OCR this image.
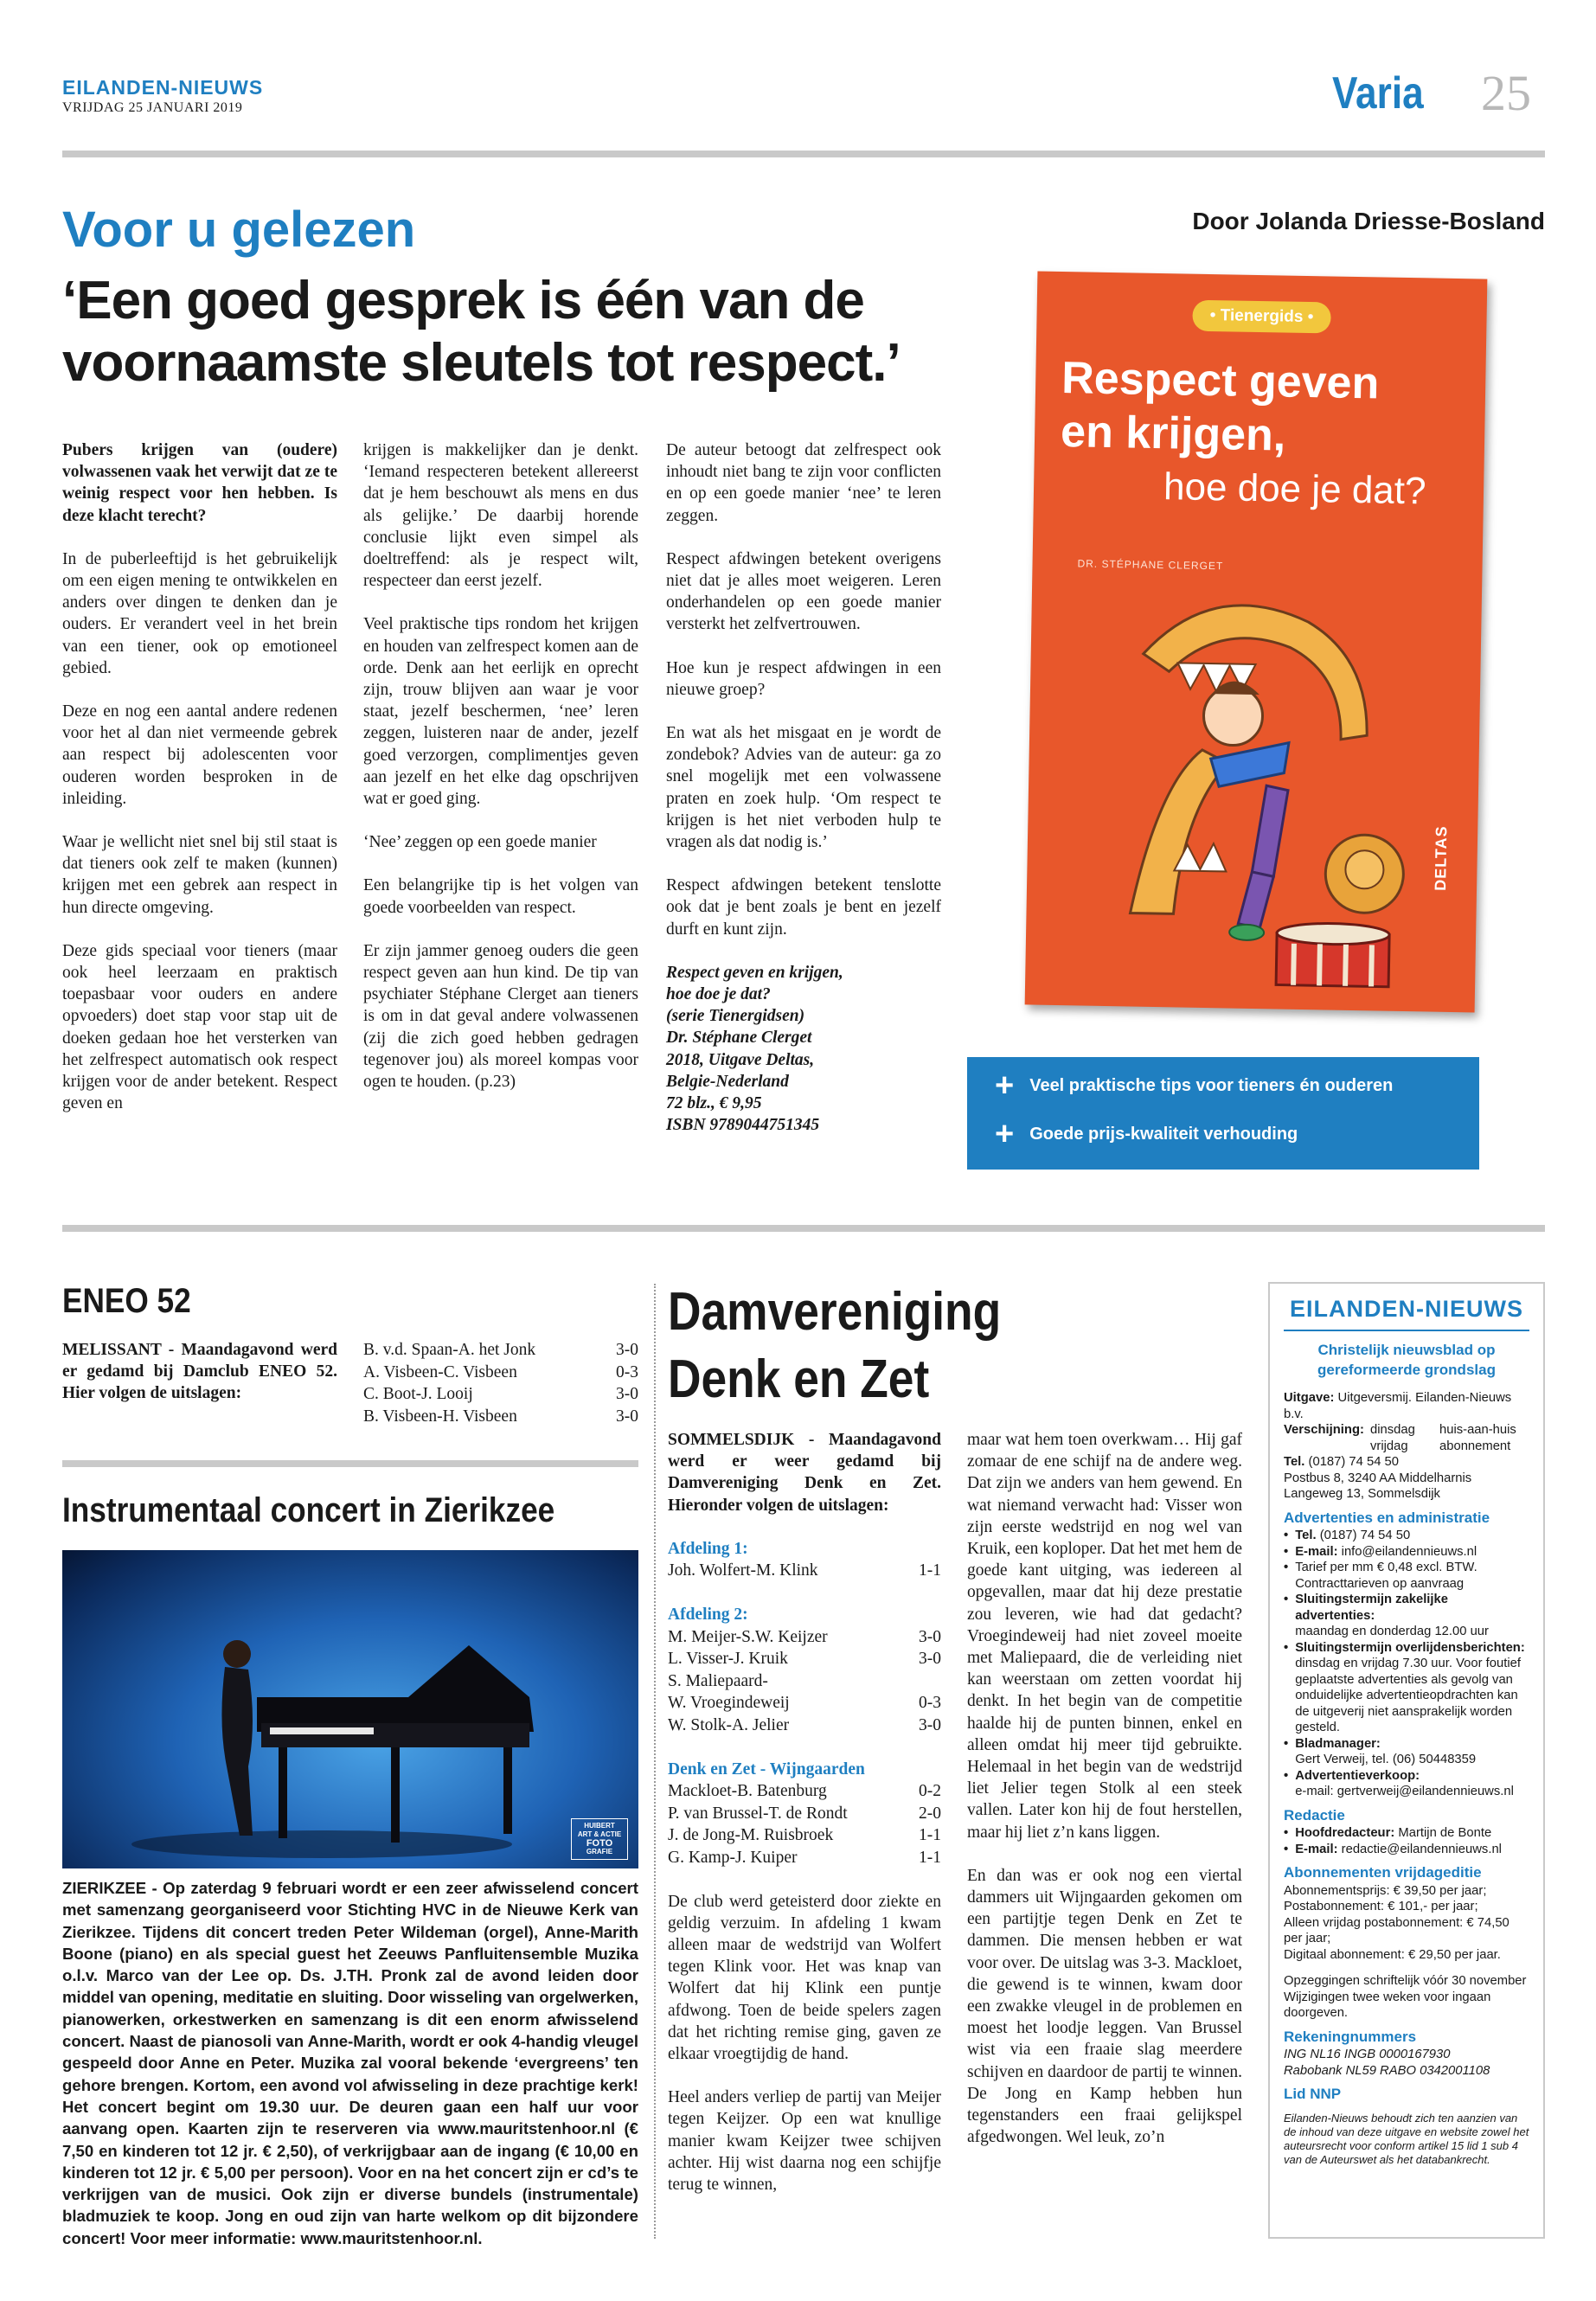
EILANDEN-NIEUWS
VRIJDAG 25 JANUARI 2019	Varia 25
Voor u gelezen	Door Jolanda Driesse-Bosland
‘Een goed gesprek is één van de voornaamste sleutels tot respect.’

Pubers krijgen van (oudere) volwassenen vaak het verwijt dat ze te weinig respect voor hen hebben. Is deze klacht terecht?

In de puberleeftijd is het gebruikelijk om een eigen mening te ontwikkelen en anders over dingen te denken dan je ouders. Er verandert veel in het brein van een tiener, ook op emotioneel gebied.

Deze en nog een aantal andere redenen voor het al dan niet vermeende gebrek aan respect bij adolescenten voor ouderen worden besproken in de inleiding.

Waar je wellicht niet snel bij stil staat is dat tieners ook zelf te maken (kunnen) krijgen met een gebrek aan respect in hun directe omgeving.

Deze gids speciaal voor tieners (maar ook heel leerzaam en praktisch toepasbaar voor ouders en andere opvoeders) doet stap voor stap uit de doeken gedaan hoe het versterken van het zelfrespect automatisch ook respect krijgen voor de ander betekent. Respect geven en

krijgen is makkelijker dan je denkt. ‘Iemand respecteren betekent allereerst dat je hem beschouwt als mens en dus als gelijke.’ De daarbij horende conclusie lijkt even simpel als doeltreffend: als je respect wilt, respecteer dan eerst jezelf.

Veel praktische tips rondom het krijgen en houden van zelfrespect komen aan de orde. Denk aan het eerlijk en oprecht zijn, trouw blijven aan waar je voor staat, jezelf beschermen, ‘nee’ leren zeggen, luisteren naar de ander, jezelf goed verzorgen, complimentjes geven aan jezelf en het elke dag opschrijven wat er goed ging.

‘Nee’ zeggen op een goede manier

Een belangrijke tip is het volgen van goede voorbeelden van respect.

Er zijn jammer genoeg ouders die geen respect geven aan hun kind. De tip van psychiater Stéphane Clerget aan tieners is om in dat geval andere volwassenen (zij die zich goed hebben gedragen tegenover jou) als moreel kompas voor ogen te houden. (p.23)

De auteur betoogt dat zelfrespect ook inhoudt niet bang te zijn voor conflicten en op een goede manier ‘nee’ te leren zeggen.

Respect afdwingen betekent overigens niet dat je alles moet weigeren. Leren onderhandelen op een goede manier versterkt het zelfvertrouwen.

Hoe kun je respect afdwingen in een nieuwe groep?

En wat als het misgaat en je wordt de zondebok? Advies van de auteur: ga zo snel mogelijk met een volwassene praten en zoek hulp. ‘Om respect te krijgen is het niet verboden hulp te vragen als dat nodig is.’

Respect afdwingen betekent tenslotte ook dat je bent zoals je bent en jezelf durft en kunt zijn.

Respect geven en krijgen,
hoe doe je dat?
(serie Tienergidsen)
Dr. Stéphane Clerget
2018, Uitgave Deltas,
Belgie-Nederland
72 blz., € 9,95
ISBN 9789044751345
• Tienergids •
Respect geven
en krijgen,
hoe doe je dat?
DR. STÉPHANE CLERGET
DELTAS
+ Veel praktische tips voor tieners én ouderen
+ Goede prijs-kwaliteit verhouding
ENEO 52
MELISSANT - Maandagavond werd er gedamd bij Damclub ENEO 52. Hier volgen de uitslagen:
B. v.d. Spaan-A. het Jonk	3-0
A. Visbeen-C. Visbeen	0-3
C. Boot-J. Looij	3-0
B. Visbeen-H. Visbeen	3-0
Instrumentaal concert in Zierikzee
HUIBERT
ART & ACTIE
FOTO
GRAFIE
ZIERIKZEE - Op zaterdag 9 februari wordt er een zeer afwisselend concert met samenzang georganiseerd voor Stichting HVC in de Nieuwe Kerk van Zierikzee. Tijdens dit concert treden Peter Wildeman (orgel), Anne-Marith Boone (piano) en als special guest het Zeeuws Panfluitensemble Muzika o.l.v. Marco van der Lee op. Ds. J.TH. Pronk zal de avond leiden door middel van opening, meditatie en sluiting. Door wisseling van orgelwerken, pianowerken, orkestwerken en samenzang is dit een enorm afwisselend concert. Naast de pianosoli van Anne-Marith, wordt er ook 4-handig vleugel gespeeld door Anne en Peter. Muzika zal vooral bekende ‘evergreens’ ten gehore brengen. Kortom, een avond vol afwisseling in deze prachtige kerk! Het concert begint om 19.30 uur. De deuren gaan een half uur voor aanvang open. Kaarten zijn te reserveren via www.mauritstenhoor.nl (€ 7,50 en kinderen tot 12 jr. € 2,50), of verkrijgbaar aan de ingang (€ 10,00 en kinderen tot 12 jr. € 5,00 per persoon). Voor en na het concert zijn er cd’s te verkrijgen van de musici. Ook zijn er diverse bundels (instrumentale) bladmuziek te koop. Jong en oud zijn van harte welkom op dit bijzondere concert! Voor meer informatie: www.mauritstenhoor.nl.
Damvereniging
Denk en Zet
SOMMELSDIJK - Maandagavond werd er weer gedamd bij Damvereniging Denk en Zet. Hieronder volgen de uitslagen:
Afdeling 1:
Joh. Wolfert-M. Klink	1-1
Afdeling 2:
M. Meijer-S.W. Keijzer	3-0
L. Visser-J. Kruik	3-0
S. Maliepaard-
W. Vroegindeweij	0-3
W. Stolk-A. Jelier	3-0
Denk en Zet - Wijngaarden
Mackloet-B. Batenburg	0-2
P. van Brussel-T. de Rondt	2-0
J. de Jong-M. Ruisbroek	1-1
G. Kamp-J. Kuiper	1-1

De club werd geteisterd door ziekte en geldig verzuim. In afdeling 1 kwam alleen maar de wedstrijd van Wolfert tegen Klink voor. Het was knap van Wolfert dat hij Klink een puntje afdwong. Toen de beide spelers zagen dat het richting remise ging, gaven ze elkaar vroegtijdig de hand.

Heel anders verliep de partij van Meijer tegen Keijzer. Op een wat knullige manier kwam Keijzer twee schijven achter. Hij wist daarna nog een schijfje terug te winnen,

maar wat hem toen overkwam… Hij gaf zomaar de ene schijf na de andere weg. Dat zijn we anders van hem gewend. En wat niemand verwacht had: Visser won zijn eerste wedstrijd en nog wel van Kruik, een koploper. Dat het met hem de goede kant uitging, was iedereen al opgevallen, maar dat hij deze prestatie zou leveren, wie had dat gedacht? Vroegindeweij had niet zoveel moeite met Maliepaard, die de verleiding niet kan weerstaan om zetten voordat hij denkt. In het begin van de competitie haalde hij de punten binnen, enkel en alleen omdat hij meer tijd gebruikte. Helemaal in het begin van de wedstrijd liet Jelier tegen Stolk al een steek vallen. Later kon hij de fout herstellen, maar hij liet z’n kans liggen.

En dan was er ook nog een viertal dammers uit Wijngaarden gekomen om een partijtje tegen Denk en Zet te dammen. Die mensen hebben er wat voor over. De uitslag was 3-3. Mackloet, die gewend is te winnen, kwam door een zwakke vleugel in de problemen en moest het loodje leggen. Van Brussel wist via een fraaie slag meerdere schijven en daardoor de partij te winnen. De Jong en Kamp hebben hun tegenstanders een fraai gelijkspel afgedwongen. Wel leuk, zo’n

EILANDEN-NIEUWS
Christelijk nieuwsblad op
gereformeerde grondslag
Uitgave: Uitgeversmij. Eilanden-Nieuws b.v.
Verschijning: dinsdag	huis-aan-huis
vrijdag	abonnement
Tel. (0187) 74 54 50
Postbus 8, 3240 AA Middelharnis
Langeweg 13, Sommelsdijk
Advertenties en administratie
• Tel. (0187) 74 54 50
• E-mail: info@eilandennieuws.nl
• Tarief per mm € 0,48 excl. BTW. Contracttarieven op aanvraag
• Sluitingstermijn zakelijke advertenties:
maandag en donderdag 12.00 uur
• Sluitingstermijn overlijdensberichten:
dinsdag en vrijdag 7.30 uur. Voor foutief geplaatste advertenties als gevolg van onduidelijke advertentieopdrachten kan de uitgeverij niet aansprakelijk worden gesteld.
• Bladmanager:
Gert Verweij, tel. (06) 50448359
• Advertentieverkoop:
e-mail: gertverweij@eilandennieuws.nl
Redactie
• Hoofdredacteur: Martijn de Bonte
• E-mail: redactie@eilandennieuws.nl
Abonnementen vrijdageditie
Abonnementsprijs: € 39,50 per jaar;
Postabonnement: € 101,- per jaar;
Alleen vrijdag postabonnement: € 74,50 per jaar;
Digitaal abonnement: € 29,50 per jaar.
Opzeggingen schriftelijk vóór 30 november Wijzigingen twee weken voor ingaan doorgeven.
Rekeningnummers
ING NL16 INGB 0000167930
Rabobank NL59 RABO 0342001108
Lid NNP
Eilanden-Nieuws behoudt zich ten aanzien van de inhoud van deze uitgave en website zowel het auteursrecht voor conform artikel 15 lid 1 sub 4 van de Auteurswet als het databankrecht.
